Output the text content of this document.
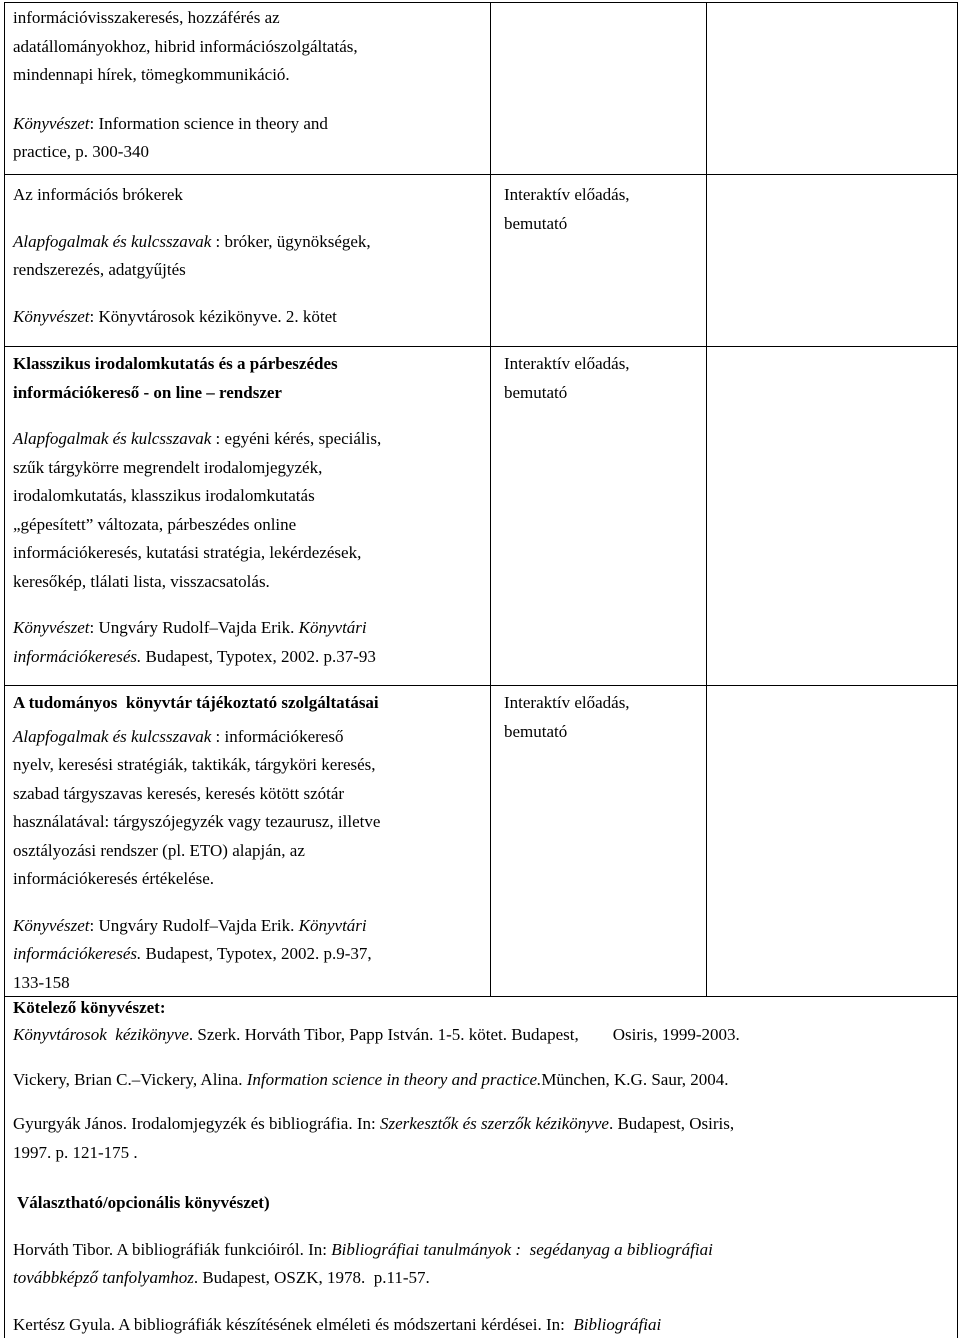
információvisszakeresés, hozzáférés az

adatállományokhoz, hibrid információszolgáltatás,

mindennapi hírek, tömegkommunikáció.

Könyvészet: Information science in theory and

practice, p. 300-340

Az információs brókerek

Alapfogalmak és kulcsszavak : bróker, ügynökségek,

rendszerezés, adatgyűjtés

Könyvészet: Könyvtárosok kézikönyve. 2. kötet

Interaktív előadás,

bemutató

Klasszikus irodalomkutatás és a párbeszédes

információkereső - on line – rendszer

Alapfogalmak és kulcsszavak : egyéni kérés, speciális,

szűk tárgykörre megrendelt irodalomjegyzék,

irodalomkutatás, klasszikus irodalomkutatás

„gépesített” változata, párbeszédes online

információkeresés, kutatási stratégia, lekérdezések,

keresőkép, tlálati lista, visszacsatolás.

Könyvészet: Ungváry Rudolf–Vajda Erik. Könyvtári

információkeresés. Budapest, Typotex, 2002. p.37-93

Interaktív előadás,

bemutató

A tudományos  könyvtár tájékoztató szolgáltatásai

Alapfogalmak és kulcsszavak : információkereső

nyelv, keresési stratégiák, taktikák, tárgyköri keresés,

szabad tárgyszavas keresés, keresés kötött szótár

használatával: tárgyszójegyzék vagy tezaurusz, illetve

osztályozási rendszer (pl. ETO) alapján, az

információkeresés értékelése.

Könyvészet: Ungváry Rudolf–Vajda Erik. Könyvtári

információkeresés. Budapest, Typotex, 2002. p.9-37,

133-158

Interaktív előadás,

bemutató

Kötelező könyvészet:

Könyvtárosok  kézikönyve. Szerk. Horváth Tibor, Papp István. 1-5. kötet. Budapest,        Osiris, 1999-2003.

Vickery, Brian C.–Vickery, Alina. Information science in theory and practice.München, K.G. Saur, 2004.

Gyurgyák János. Irodalomjegyzék és bibliográfia. In: Szerkesztők és szerzők kézikönyve. Budapest, Osiris,

1997. p. 121-175 .

Választható/opcionális könyvészet)

Horváth Tibor. A bibliográfiák funkcióiról. In: Bibliográfiai tanulmányok :  segédanyag a bibliográfiai

továbbképző tanfolyamhoz. Budapest, OSZK, 1978.  p.11-57.

Kertész Gyula. A bibliográfiák készítésének elméleti és módszertani kérdései. In:  Bibliográfiai
